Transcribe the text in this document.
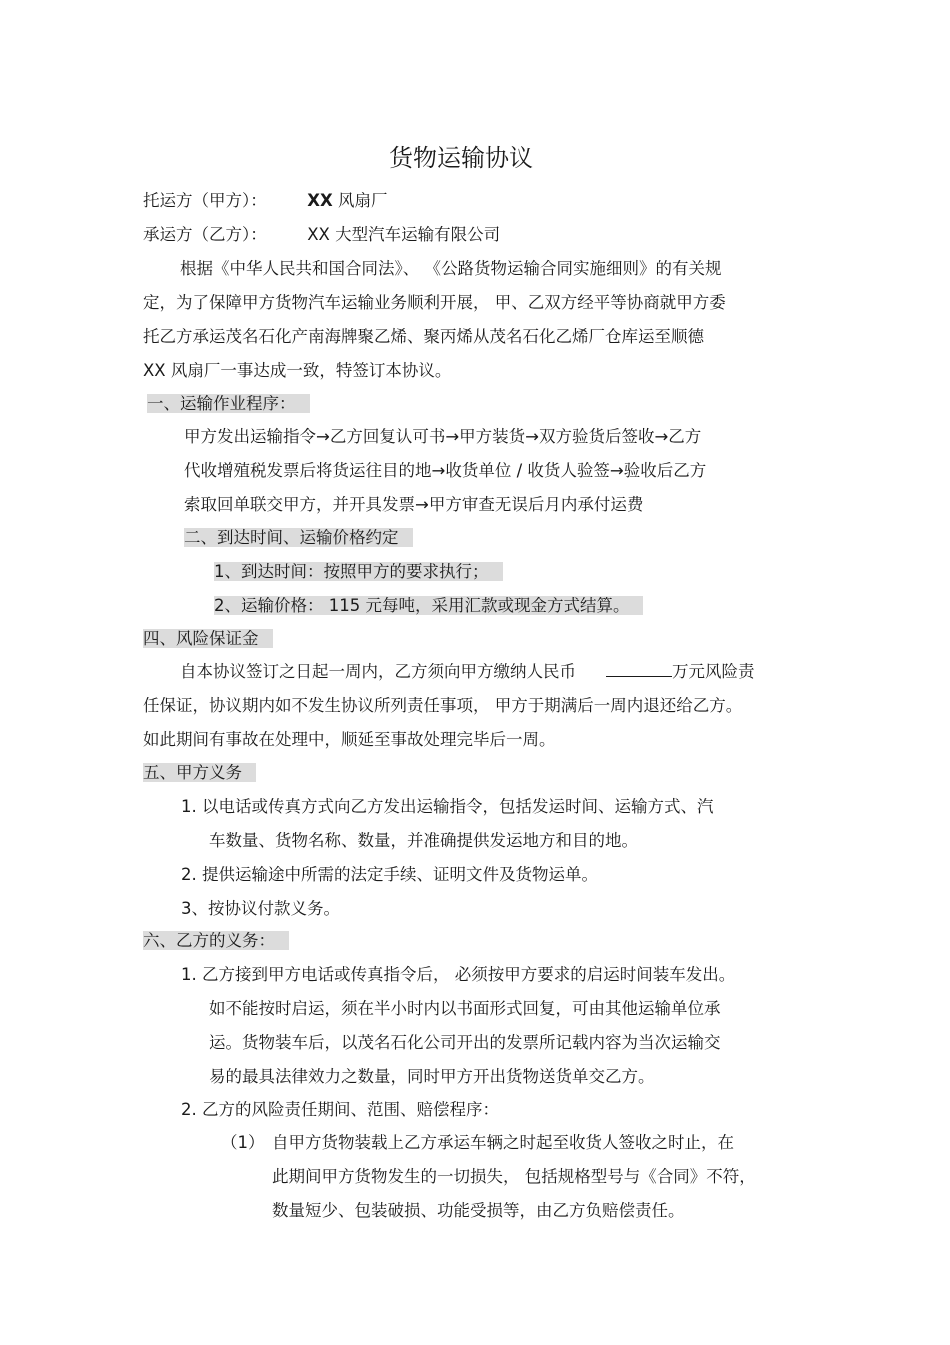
货物运输协议
托运方（甲方）： XX 风扇厂
承运方（乙方）： XX 大型汽车运输有限公司
根据《中华人民共和国合同法》、 《公路货物运输合同实施细则》的有关规
定，为了保障甲方货物汽车运输业务顺利开展， 甲、乙双方经平等协商就甲方委
托乙方承运茂名石化产南海牌聚乙烯、聚丙烯从茂名石化乙烯厂仓库运至顺德
XX 风扇厂一事达成一致，特签订本协议。
一、运输作业程序：
甲方发出运输指令→乙方回复认可书→甲方装货→双方验货后签收→乙方
代收增殖税发票后将货运往目的地→收货单位 / 收货人验签→验收后乙方
索取回单联交甲方，并开具发票→甲方审查无误后月内承付运费
二、到达时间、运输价格约定
1、到达时间：按照甲方的要求执行；
2、运输价格： 115 元每吨，采用汇款或现金方式结算。
四、风险保证金
自本协议签订之日起一周内，乙方须向甲方缴纳人民币	万元风险责
任保证，协议期内如不发生协议所列责任事项， 甲方于期满后一周内退还给乙方。
如此期间有事故在处理中，顺延至事故处理完毕后一周。
五、甲方义务
1. 以电话或传真方式向乙方发出运输指令，包括发运时间、运输方式、汽
车数量、货物名称、数量，并准确提供发运地方和目的地。
2. 提供运输途中所需的法定手续、证明文件及货物运单。
3、按协议付款义务。
六、乙方的义务：
1. 乙方接到甲方电话或传真指令后， 必须按甲方要求的启运时间装车发出。
如不能按时启运，须在半小时内以书面形式回复，可由其他运输单位承
运。货物装车后，以茂名石化公司开出的发票所记载内容为当次运输交
易的最具法律效力之数量，同时甲方开出货物送货单交乙方。
2. 乙方的风险责任期间、范围、赔偿程序：
（1） 自甲方货物装载上乙方承运车辆之时起至收货人签收之时止，在
此期间甲方货物发生的一切损失， 包括规格型号与《合同》不符，
数量短少、包装破损、功能受损等，由乙方负赔偿责任。
